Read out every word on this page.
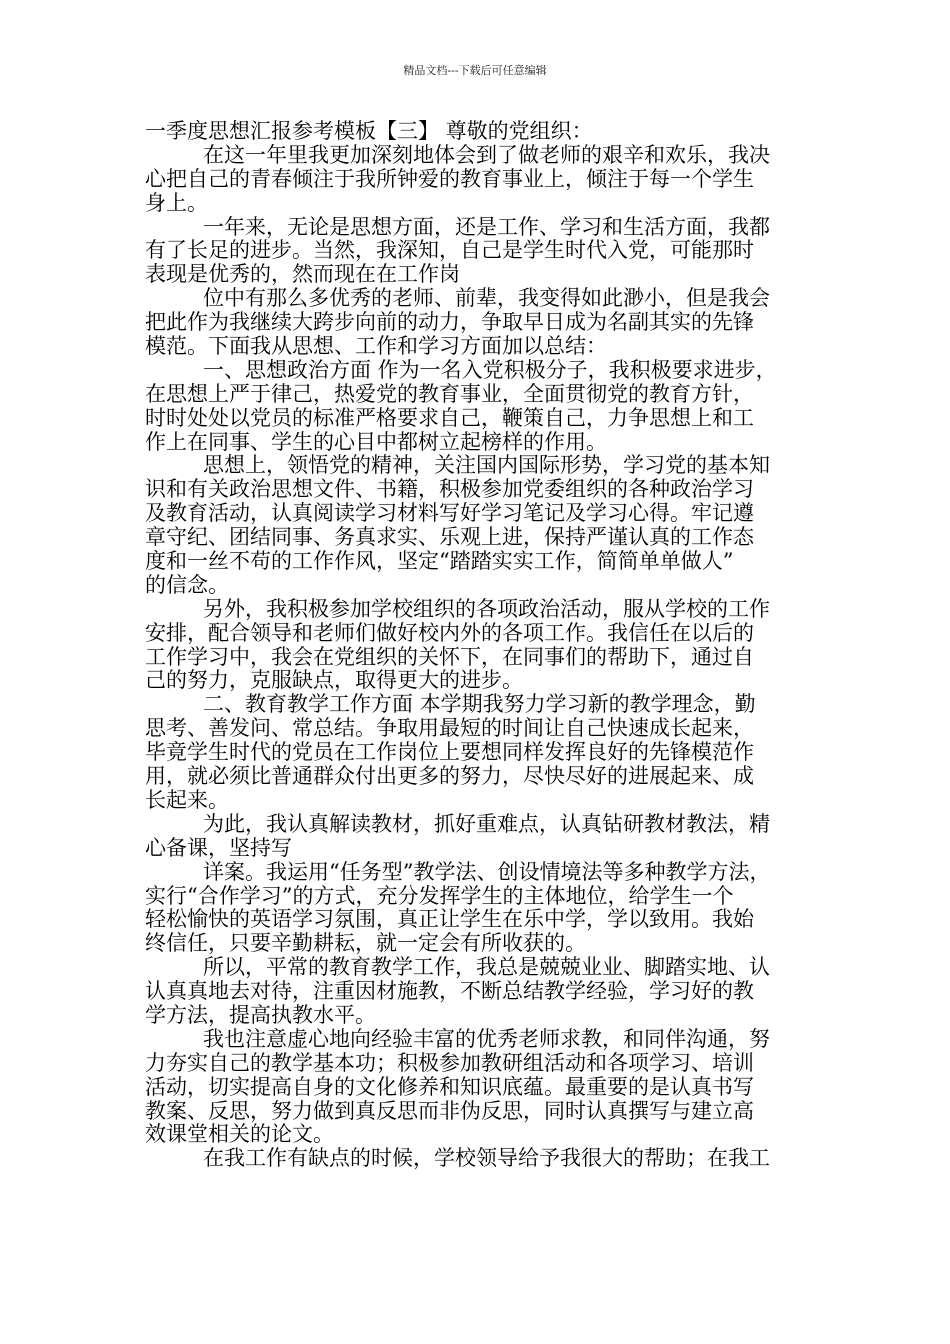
精品文档---下载后可任意编辑
一季度思想汇报参考模板【三】 尊敬的党组织：
在这一年里我更加深刻地体会到了做老师的艰辛和欢乐，我决
心把自己的青春倾注于我所钟爱的教育事业上，倾注于每一个学生
身上。
一年来，无论是思想方面，还是工作、学习和生活方面，我都
有了长足的进步。当然，我深知，自己是学生时代入党，可能那时
表现是优秀的，然而现在在工作岗
位中有那么多优秀的老师、前辈，我变得如此渺小，但是我会
把此作为我继续大跨步向前的动力，争取早日成为名副其实的先锋
模范。下面我从思想、工作和学习方面加以总结：
一、思想政治方面 作为一名入党积极分子，我积极要求进步，
在思想上严于律己，热爱党的教育事业，全面贯彻党的教育方针，
时时处处以党员的标准严格要求自己，鞭策自己，力争思想上和工
作上在同事、学生的心目中都树立起榜样的作用。
思想上，领悟党的精神，关注国内国际形势，学习党的基本知
识和有关政治思想文件、书籍，积极参加党委组织的各种政治学习
及教育活动，认真阅读学习材料写好学习笔记及学习心得。牢记遵
章守纪、团结同事、务真求实、乐观上进，保持严谨认真的工作态
度和一丝不苟的工作作风，坚定“踏踏实实工作，简简单单做人”
的信念。
另外，我积极参加学校组织的各项政治活动，服从学校的工作
安排，配合领导和老师们做好校内外的各项工作。我信任在以后的
工作学习中，我会在党组织的关怀下，在同事们的帮助下，通过自
己的努力，克服缺点，取得更大的进步。
二、教育教学工作方面 本学期我努力学习新的教学理念，勤
思考、善发问、常总结。争取用最短的时间让自己快速成长起来，
毕竟学生时代的党员在工作岗位上要想同样发挥良好的先锋模范作
用，就必须比普通群众付出更多的努力，尽快尽好的进展起来、成
长起来。
为此，我认真解读教材，抓好重难点，认真钻研教材教法，精
心备课，坚持写
详案。我运用“任务型”教学法、创设情境法等多种教学方法，
实行“合作学习”的方式，充分发挥学生的主体地位，给学生一个
轻松愉快的英语学习氛围，真正让学生在乐中学，学以致用。我始
终信任，只要辛勤耕耘，就一定会有所收获的。
所以，平常的教育教学工作，我总是兢兢业业、脚踏实地、认
认真真地去对待，注重因材施教，不断总结教学经验，学习好的教
学方法，提高执教水平。
我也注意虚心地向经验丰富的优秀老师求教，和同伴沟通，努
力夯实自己的教学基本功；积极参加教研组活动和各项学习、培训
活动，切实提高自身的文化修养和知识底蕴。最重要的是认真书写
教案、反思，努力做到真反思而非伪反思，同时认真撰写与建立高
效课堂相关的论文。
在我工作有缺点的时候，学校领导给予我很大的帮助；在我工
